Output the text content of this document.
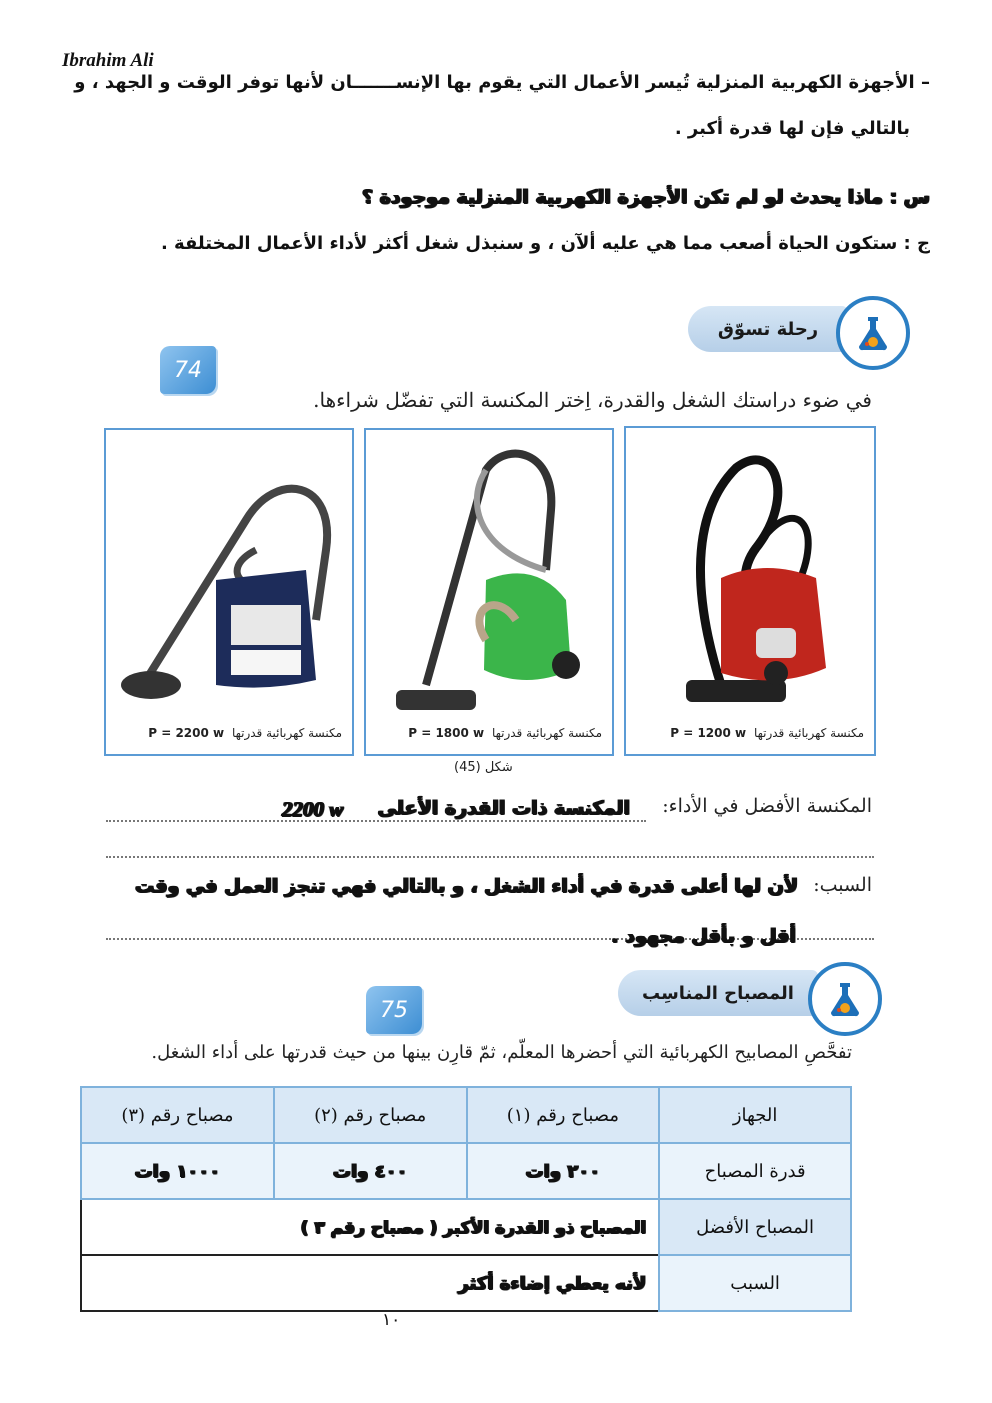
Ibrahim Ali
– الأجهزة الكهربية المنزلية تُيسر الأعمال التي يقوم بها الإنســـــــان لأنها توفر الوقت و الجهد ، و
بالتالي فإن لها قدرة أكبر .
س : ماذا يحدث لو لم تكن الأجهزة الكهربية المنزلية موجودة ؟
ج : ستكون الحياة أصعب مما هي عليه ألآن ، و سنبذل شغل أكثر لأداء الأعمال المختلفة .
رحلة تسوّق
74
في ضوء دراستك الشغل والقدرة، اِختر المكنسة التي تفضّل شراءها.
مكنسة كهربائية قدرتها P = 1200 w
مكنسة كهربائية قدرتها P = 1800 w
مكنسة كهربائية قدرتها P = 2200 w
شكل (45)
المكنسة الأفضل في الأداء:
المكنسة ذات القدرة الأعلى
2200 w
السبب:
لأن لها أعلى قدرة في أداء الشغل ، و بالتالي فهي تنجز العمل في وقت
أقل و بأقل مجهود .
المصباح المناسِب
75
تفحَّصِ المصابيح الكهربائية التي أحضرها المعلّم، ثمّ قارِن بينها من حيث قدرتها على أداء الشغل.
الجهاز	مصباح رقم (١)	مصباح رقم (٢)	مصباح رقم (٣)
قدرة المصباح	٢٠٠ وات	٤٠٠ وات	١٠٠٠ وات
المصباح الأفضل	المصباح ذو القدرة الأكبر ( مصباح رقم ٣ )		
السبب	لأنه يعطي إضاءة أكثر		
١٠
